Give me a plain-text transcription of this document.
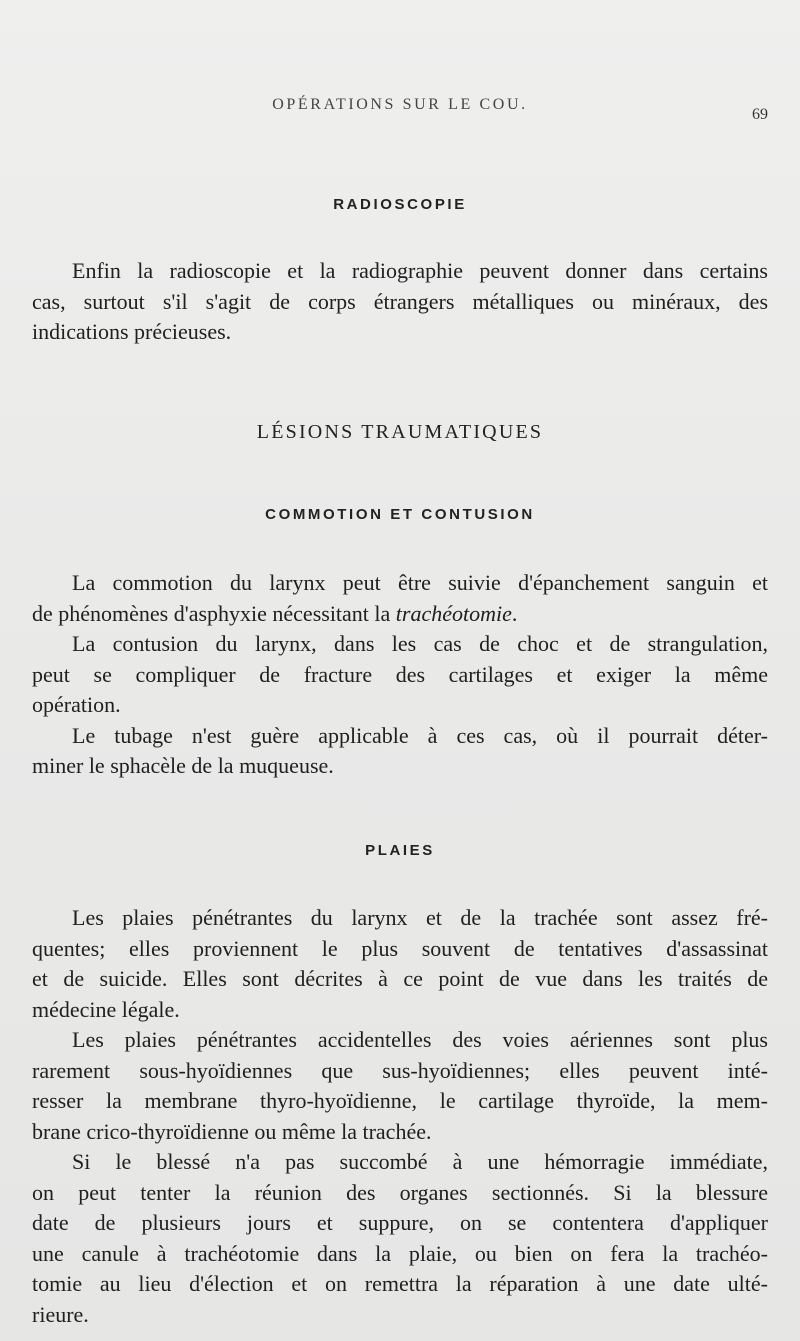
OPÉRATIONS SUR LE COU.
69
RADIOSCOPIE
Enfin la radioscopie et la radiographie peuvent donner dans certains
cas, surtout s'il s'agit de corps étrangers métalliques ou minéraux, des
indications précieuses.
LÉSIONS TRAUMATIQUES
COMMOTION ET CONTUSION
La commotion du larynx peut être suivie d'épanchement sanguin et
de phénomènes d'asphyxie nécessitant la trachéotomie.
La contusion du larynx, dans les cas de choc et de strangulation,
peut se compliquer de fracture des cartilages et exiger la même
opération.
Le tubage n'est guère applicable à ces cas, où il pourrait déter-
miner le sphacèle de la muqueuse.
PLAIES
Les plaies pénétrantes du larynx et de la trachée sont assez fré-
quentes; elles proviennent le plus souvent de tentatives d'assassinat
et de suicide. Elles sont décrites à ce point de vue dans les traités de
médecine légale.
Les plaies pénétrantes accidentelles des voies aériennes sont plus
rarement sous-hyoïdiennes que sus-hyoïdiennes; elles peuvent inté-
resser la membrane thyro-hyoïdienne, le cartilage thyroïde, la mem-
brane crico-thyroïdienne ou même la trachée.
Si le blessé n'a pas succombé à une hémorragie immédiate,
on peut tenter la réunion des organes sectionnés. Si la blessure
date de plusieurs jours et suppure, on se contentera d'appliquer
une canule à trachéotomie dans la plaie, ou bien on fera la trachéo-
tomie au lieu d'élection et on remettra la réparation à une date ulté-
rieure.
